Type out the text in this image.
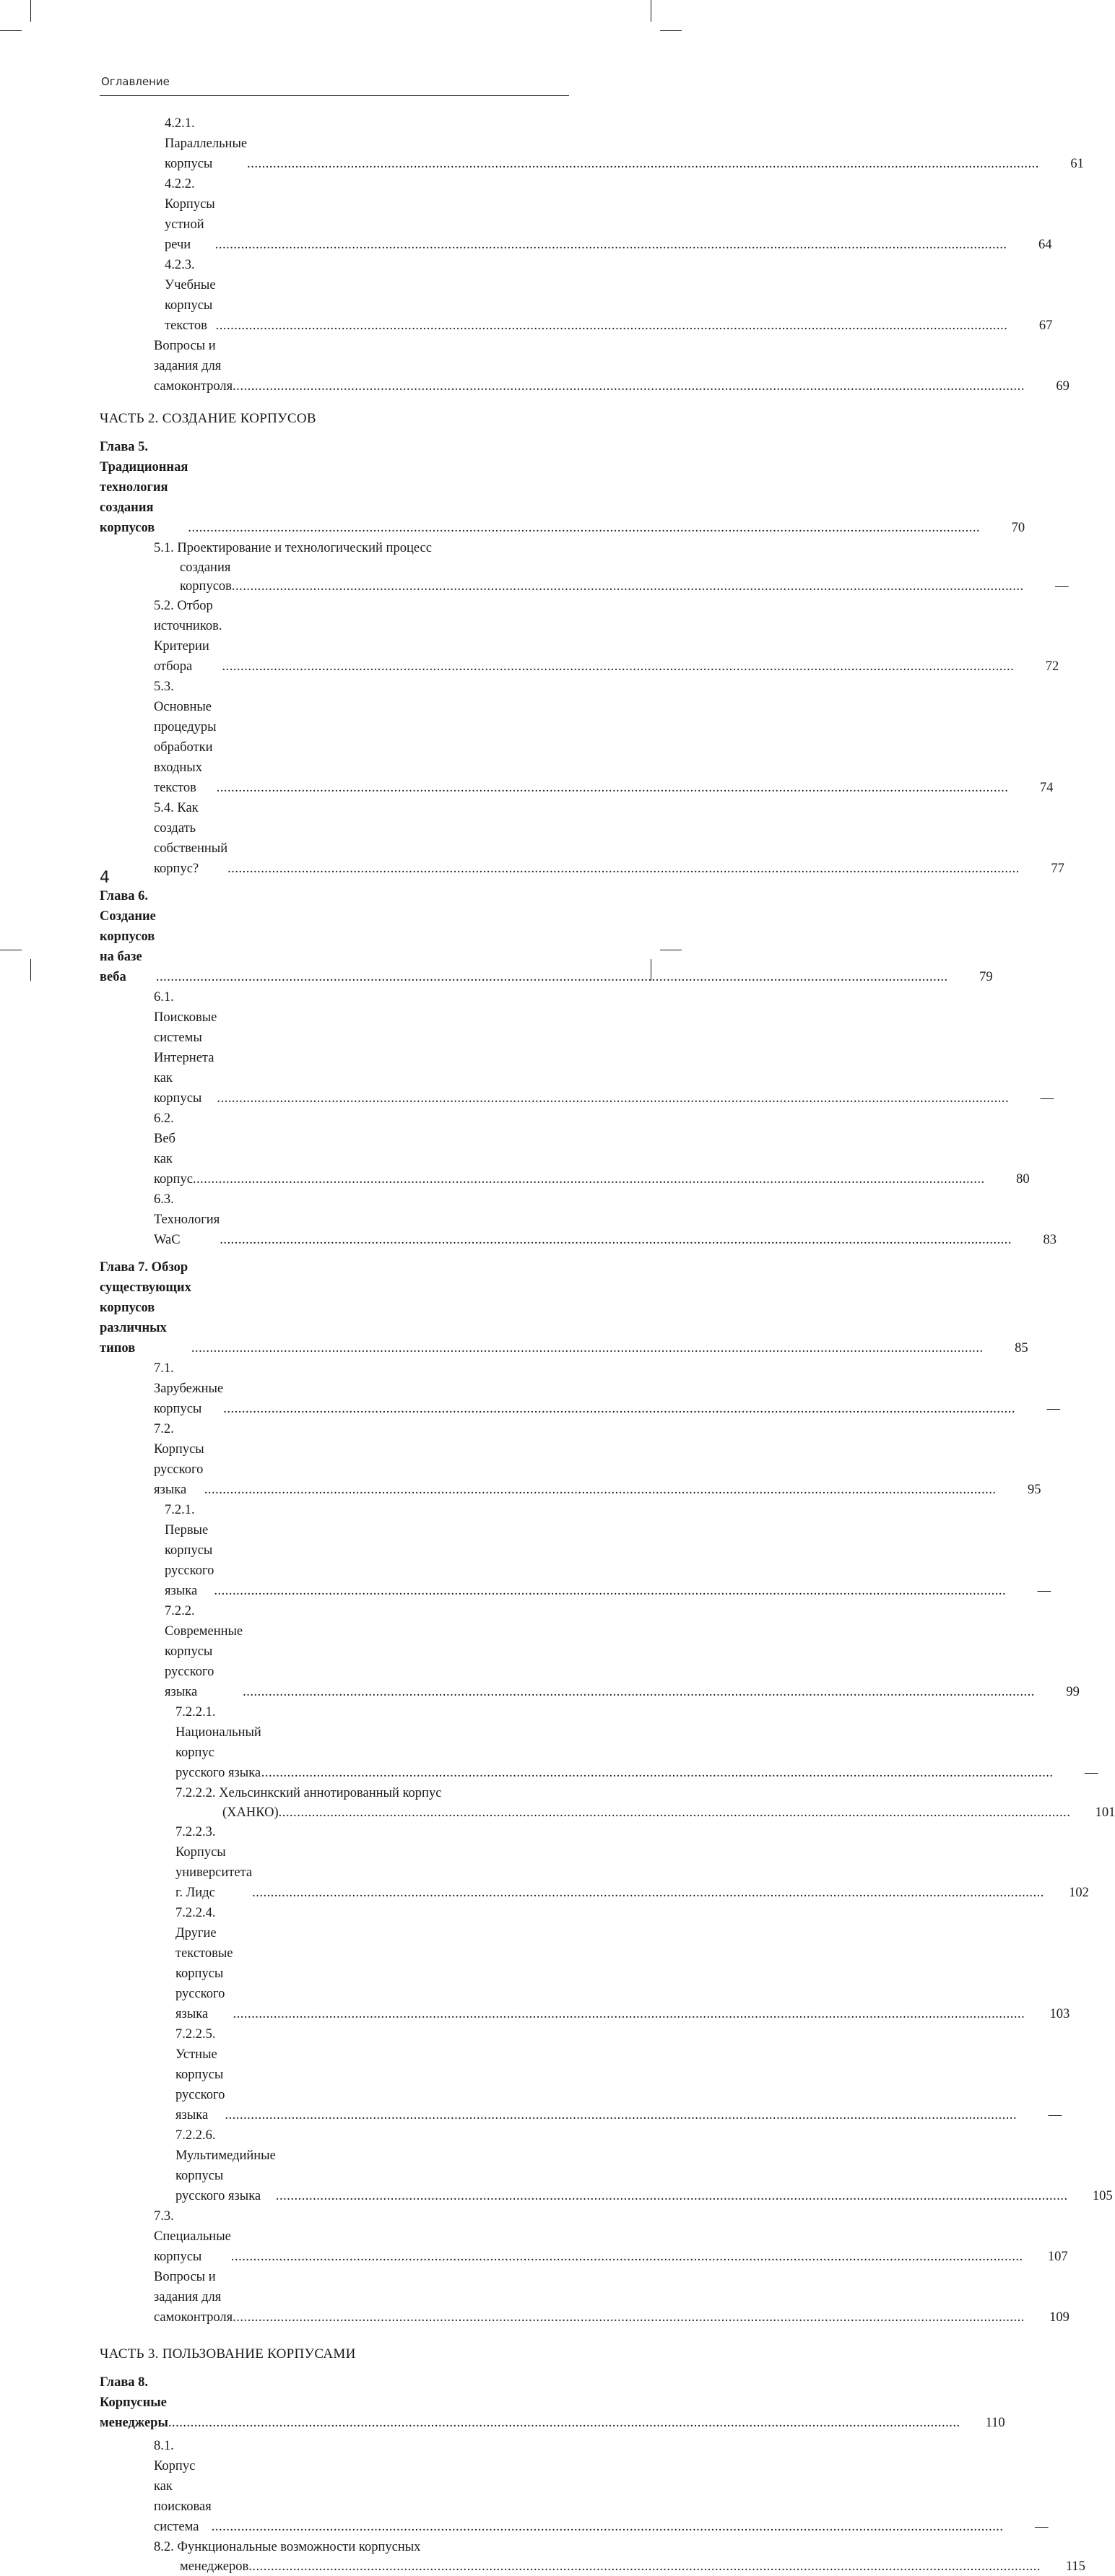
Оглавление
4.2.1. Параллельные корпусы .....	61
4.2.2. Корпусы устной речи .....	64
4.2.3. Учебные корпусы текстов .....	67
Вопросы и задания для самоконтроля .....	69
ЧАСТЬ 2. СОЗДАНИЕ КОРПУСОВ
Глава 5. Традиционная технология создания корпусов .....	70
5.1. Проектирование и технологический процесс
создания корпусов .....	—
5.2. Отбор источников. Критерии отбора .....	72
5.3. Основные процедуры обработки входных текстов .....	74
5.4. Как создать собственный корпус? .....	77
Глава 6. Создание корпусов на базе веба .....	79
6.1. Поисковые системы Интернета как корпусы .....	—
6.2. Веб как корпус .....	80
6.3. Технология WaC .....	83
Глава 7. Обзор существующих корпусов различных типов .....	85
7.1. Зарубежные корпусы .....	—
7.2. Корпусы русского языка .....	95
7.2.1. Первые корпусы русского языка .....	—
7.2.2. Современные корпусы русского языка .....	99
7.2.2.1. Национальный корпус русского языка .....	—
7.2.2.2. Хельсинкский аннотированный корпус
(ХАНКО) .....	101
7.2.2.3. Корпусы университета г. Лидс .....	102
7.2.2.4. Другие текстовые корпусы русского языка .....	103
7.2.2.5. Устные корпусы русского языка .....	—
7.2.2.6. Мультимедийные корпусы русского языка .....	105
7.3. Специальные корпусы .....	107
Вопросы и задания для самоконтроля .....	109
ЧАСТЬ 3. ПОЛЬЗОВАНИЕ КОРПУСАМИ
Глава 8. Корпусные менеджеры .....	110
8.1. Корпус как поисковая система .....	—
8.2. Функциональные возможности корпусных
менеджеров .....	115
4
